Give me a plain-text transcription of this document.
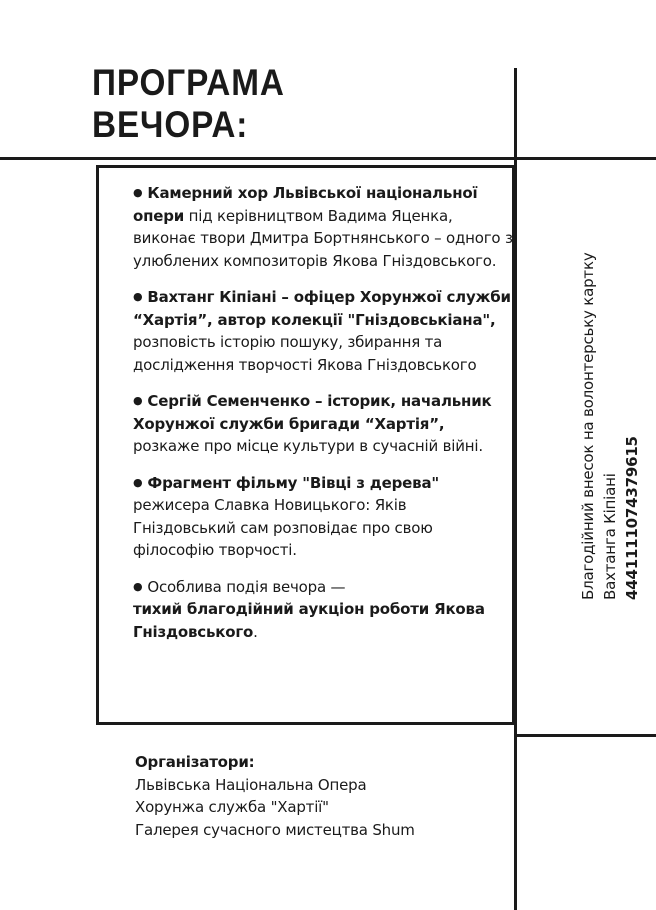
ПРОГРАМА
ВЕЧОРА:

● Камерний хор Львівської національної опери під керівництвом Вадима Яценка, виконає твори Дмитра Бортнянського – одного з улюблених композиторів Якова Гніздовського.

● Вахтанг Кіпіані – офіцер Хорунжої служби “Хартія”, автор колекції "Гніздовськіана", розповість історію пошуку, збирання та дослідження творчості Якова Гніздовського

● Сергій Семенченко – історик, начальник Хорунжої служби бригади “Хартія”, розкаже про місце культури в сучасній війні.

● Фрагмент фільму "Вівці з дерева" режисера Славка Новицького: Яків Гніздовський сам розповідає про свою філософію творчості.

● Особлива подія вечора —
тихий благодійний аукціон роботи Якова Гніздовського.

Організатори:
Львівська Національна Опера
Хорунжа служба "Хартії"
Галерея сучасного мистецтва Shum
Благодійний внесок на волонтерську картку Вахтанга Кіпіані 4441111074379615
